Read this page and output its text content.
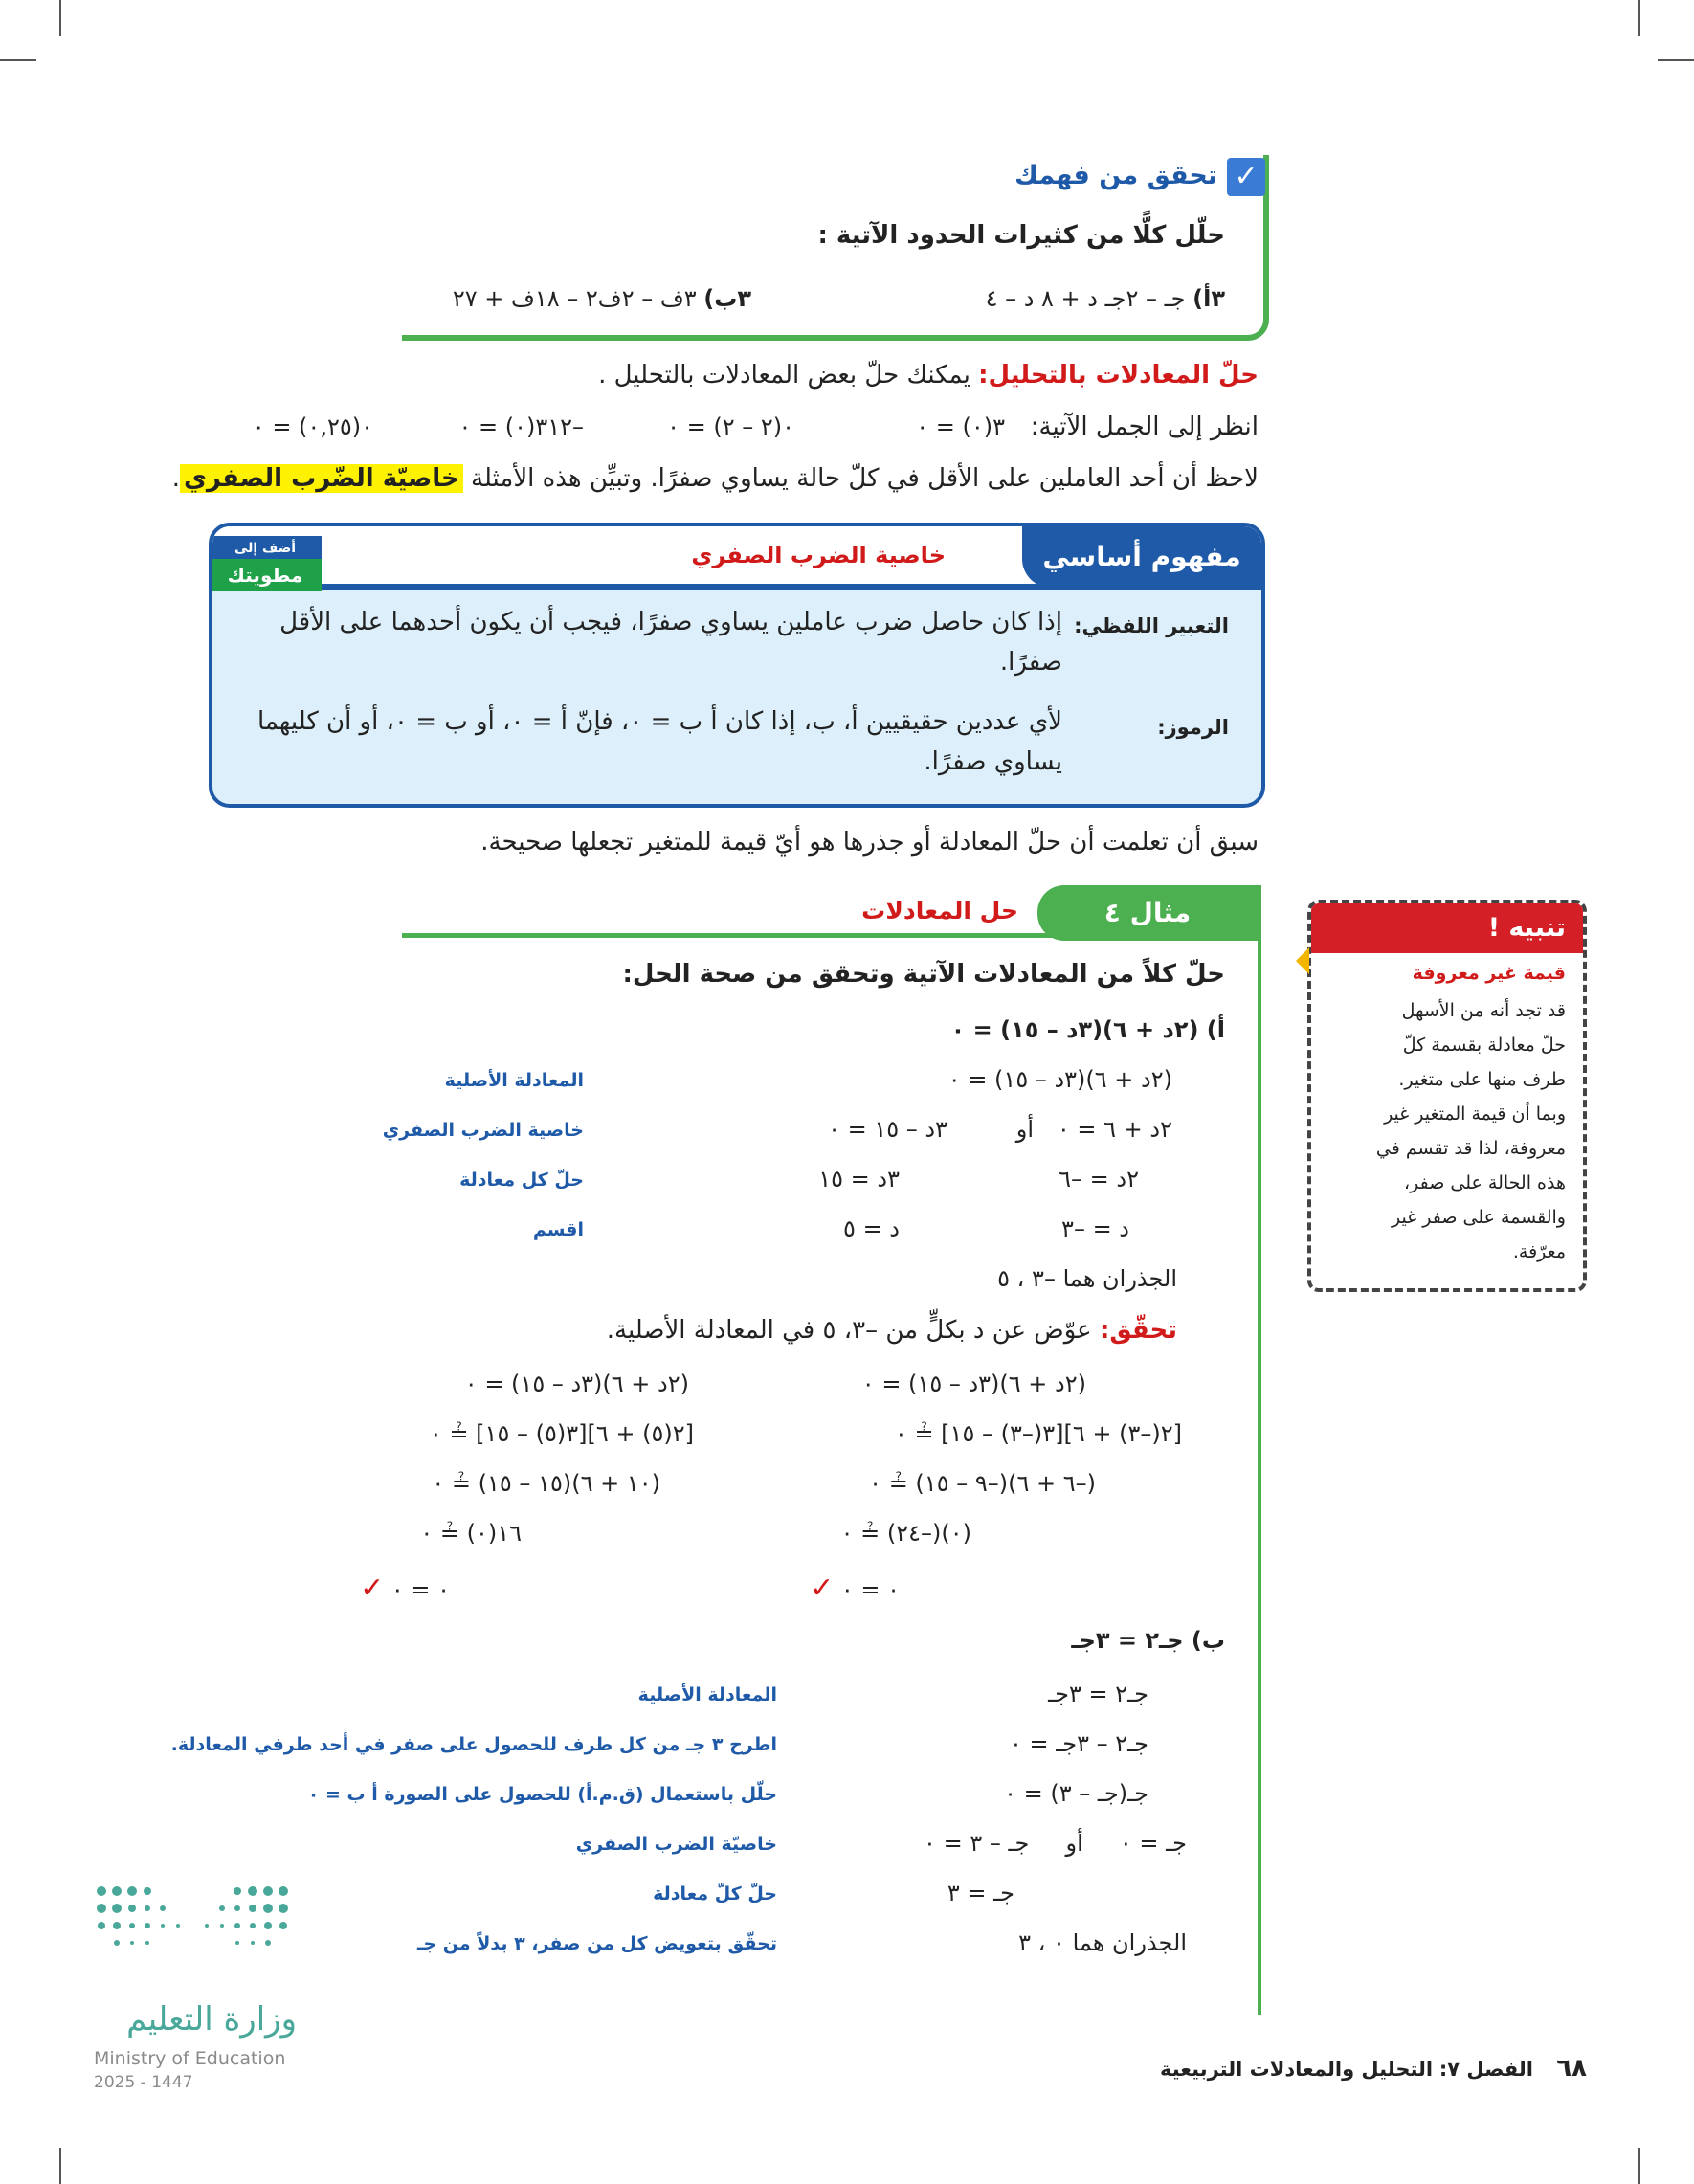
✓
تحقق من فهمك
حلّل كلًّا من كثيرات الحدود الآتية :
٣أ) جـ – ٢جـ د + ٨ د – ٤
٣ب) ٣ف – ٢ف٢ – ١٨ف + ٢٧
حلّ المعادلات بالتحليل: يمكنك حلّ بعض المعادلات بالتحليل .
انظر إلى الجمل الآتية:
٣(٠) = ٠
٠(٢ – ٢) = ٠
–٣١٢(٠) = ٠
٠(٠,٢٥) = ٠
لاحظ أن أحد العاملين على الأقل في كلّ حالة يساوي صفرًا. وتبيِّن هذه الأمثلة خاصيّة الضّرب الصفري.
مفهوم أساسي
خاصية الضرب الصفري
أضف إلى
مطويتك
التعبير اللفظي:
إذا كان حاصل ضرب عاملين يساوي صفرًا، فيجب أن يكون أحدهما على الأقل
صفرًا.
الرموز:
لأي عددين حقيقيين أ، ب، إذا كان أ ب = ٠، فإنّ أ = ٠، أو ب = ٠، أو أن كليهما
يساوي صفرًا.
سبق أن تعلمت أن حلّ المعادلة أو جذرها هو أيّ قيمة للمتغير تجعلها صحيحة.
تنبيه !
قيمة غير معروفة
قد تجد أنه من الأسهل
حلّ معادلة بقسمة كلّ
طرف منها على متغير.
وبما أن قيمة المتغير غير
معروفة، لذا قد تقسم في
هذه الحالة على صفر،
والقسمة على صفر غير
معرّفة.
مثال ٤
حل المعادلات
حلّ كلاً من المعادلات الآتية وتحقق من صحة الحل:
أ) (٢د + ٦)(٣د – ١٥) = ٠
(٢د + ٦)(٣د – ١٥) = ٠
المعادلة الأصلية
٢د + ٦ = ٠
أو
٣د – ١٥ = ٠
خاصية الضرب الصفري
٢د = –٦
٣د = ١٥
حلّ كل معادلة
د = –٣
د = ٥
اقسم
الجذران هما –٣ ، ٥
تحقّق: عوّض عن د بكلٍّ من –٣، ٥ في المعادلة الأصلية.
(٢د + ٦)(٣د – ١٥) = ٠
[٢(–٣) + ٦][٣(–٣) – ١٥] ≟ ٠
(–٦ + ٦)(–٩ – ١٥) ≟ ٠
(٠)(–٢٤) ≟ ٠
٠ = ٠ ✓
(٢د + ٦)(٣د – ١٥) = ٠
[٢(٥) + ٦][٣(٥) – ١٥] ≟ ٠
(١٠ + ٦)(١٥ – ١٥) ≟ ٠
١٦(٠) ≟ ٠
٠ = ٠ ✓
ب) جـ٢ = ٣جـ
جـ٢ = ٣جـ
المعادلة الأصلية
جـ٢ – ٣جـ = ٠
اطرح ٣ جـ من كل طرف للحصول على صفر في أحد طرفي المعادلة.
جـ(جـ – ٣) = ٠
حلّل باستعمال (ق.م.أ) للحصول على الصورة أ ب = ٠
جـ = ٠     أو     جـ – ٣ = ٠
خاصيّة الضرب الصفري
جـ = ٣
حلّ كلّ معادلة
الجذران هما ٠ ، ٣
تحقّق بتعويض كل من صفر، ٣ بدلاً من جـ
وزارة التعليم
Ministry of Education
2025 - 1447	٦٨
الفصل ٧: التحليل والمعادلات التربيعية
